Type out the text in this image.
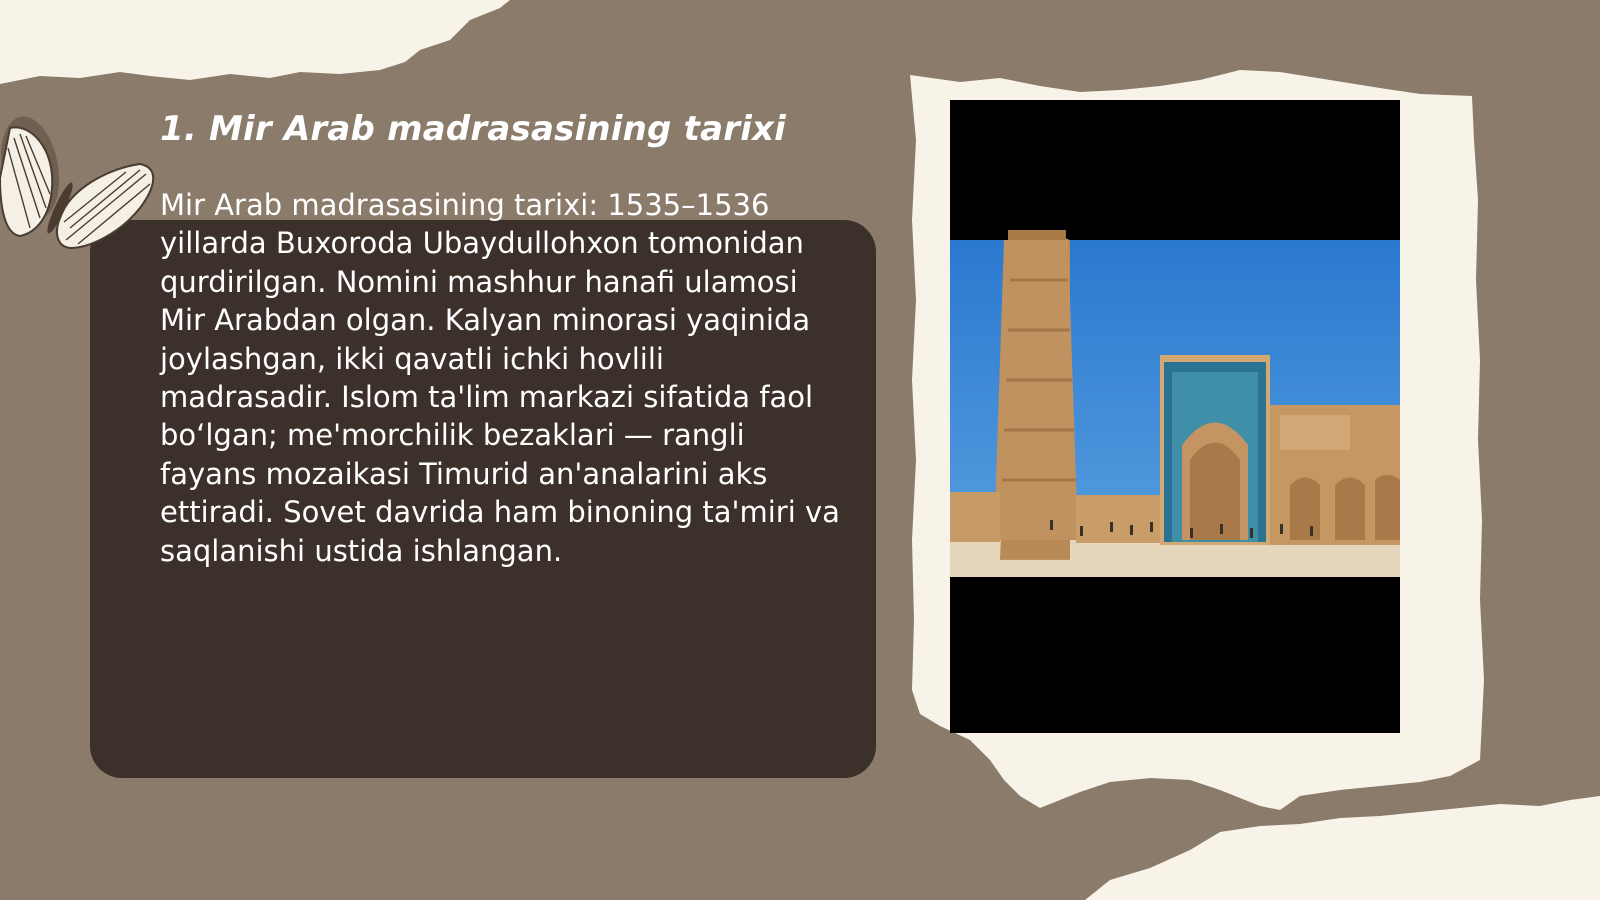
1. Mir Arab madrasasining tarixi

Mir Arab madrasasining tarixi: 1535–1536 yillarda Buxoroda Ubaydullohxon tomonidan qurdirilgan. Nomini mashhur hanafi ulamosi Mir Arabdan olgan. Kalyan minorasi yaqinida joylashgan, ikki qavatli ichki hovlili madrasadir. Islom ta'lim markazi sifatida faol bo‘lgan; me'morchilik bezaklari — rangli fayans mozaikasi Timurid an'analarini aks ettiradi. Sovet davrida ham binoning ta'miri va saqlanishi ustida ishlangan.
